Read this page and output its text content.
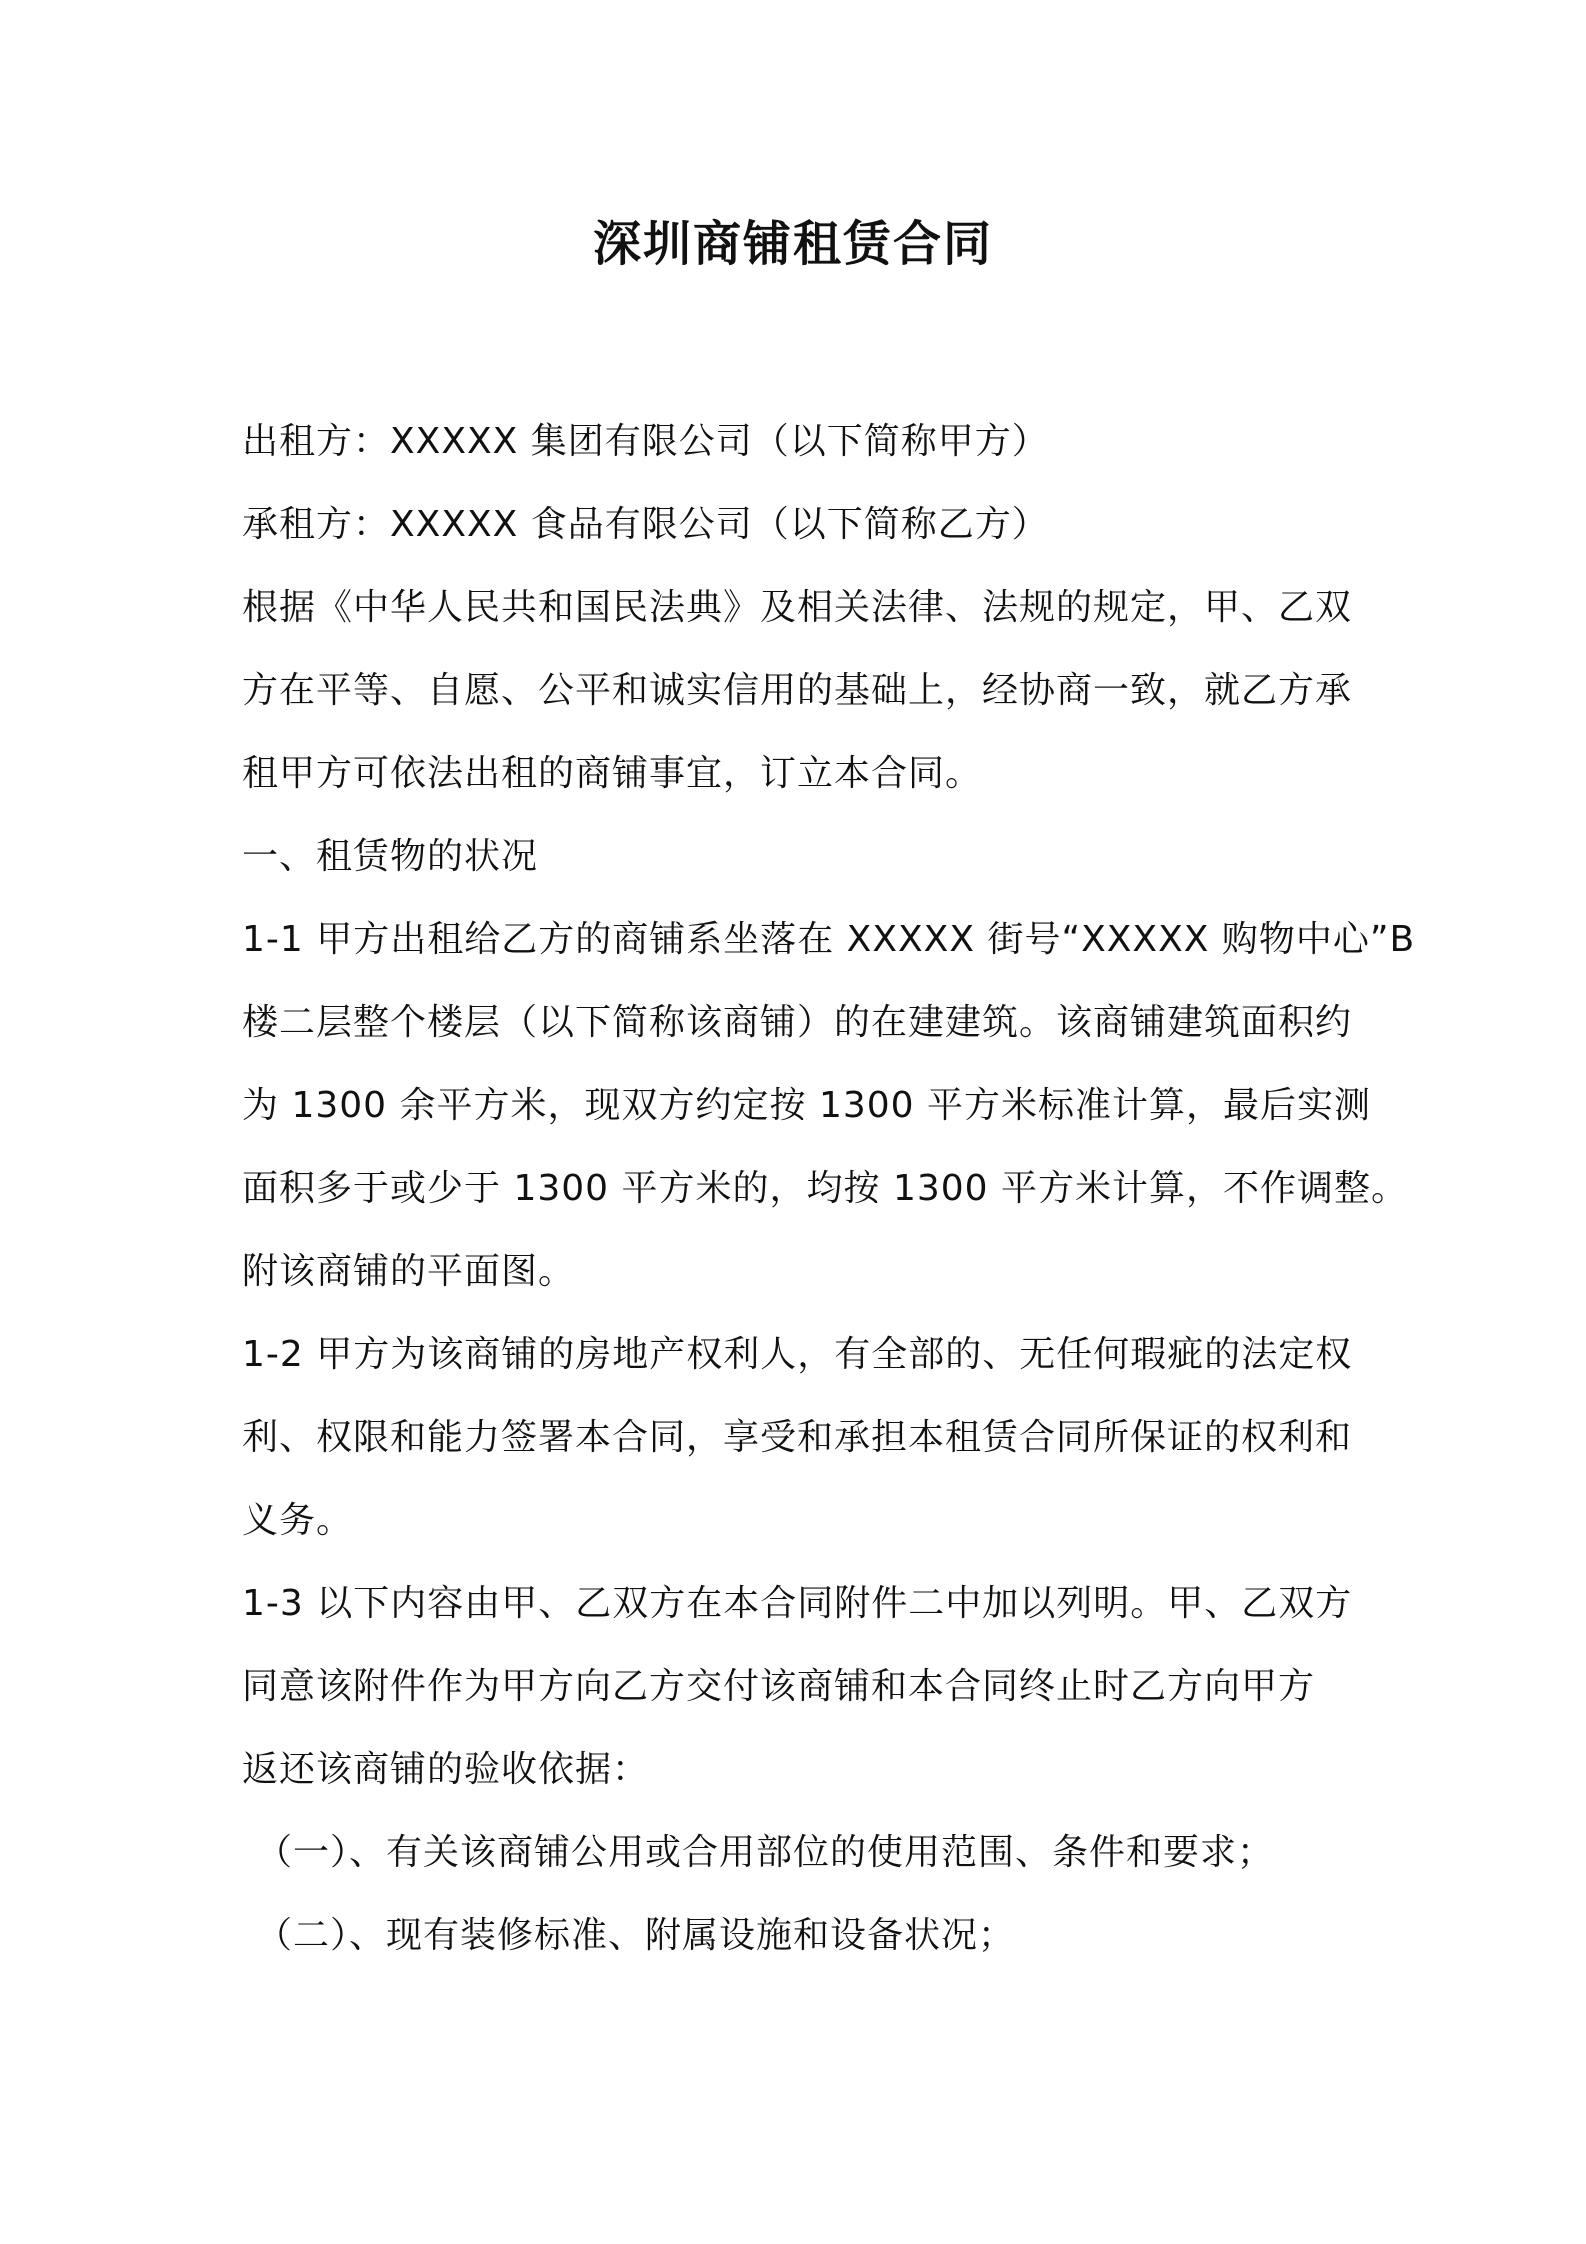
深圳商铺租赁合同
出租方：XXXXX 集团有限公司（以下简称甲方）
承租方：XXXXX 食品有限公司（以下简称乙方）
根据《中华人民共和国民法典》及相关法律、法规的规定，甲、乙双
方在平等、自愿、公平和诚实信用的基础上，经协商一致，就乙方承
租甲方可依法出租的商铺事宜，订立本合同。
一、租赁物的状况
1-1 甲方出租给乙方的商铺系坐落在 XXXXX 街号“XXXXX 购物中心”B
楼二层整个楼层（以下简称该商铺）的在建建筑。该商铺建筑面积约
为 1300 余平方米，现双方约定按 1300 平方米标准计算，最后实测
面积多于或少于 1300 平方米的，均按 1300 平方米计算，不作调整。
附该商铺的平面图。
1-2 甲方为该商铺的房地产权利人，有全部的、无任何瑕疵的法定权
利、权限和能力签署本合同，享受和承担本租赁合同所保证的权利和
义务。
1-3 以下内容由甲、乙双方在本合同附件二中加以列明。甲、乙双方
同意该附件作为甲方向乙方交付该商铺和本合同终止时乙方向甲方
返还该商铺的验收依据：
（一）、有关该商铺公用或合用部位的使用范围、条件和要求；
（二）、现有装修标准、附属设施和设备状况；
